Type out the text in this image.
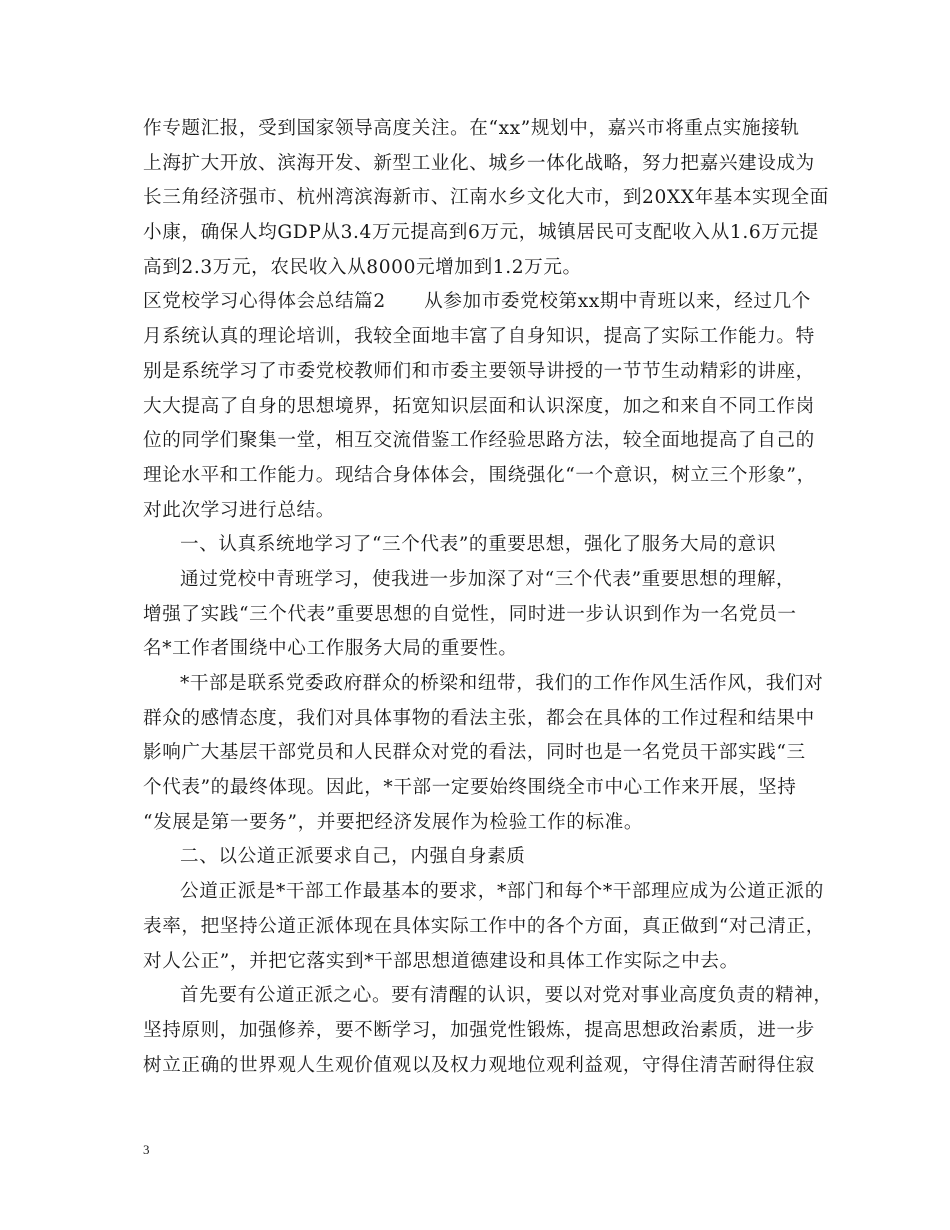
作专题汇报，受到国家领导高度关注。在“xx”规划中，嘉兴市将重点实施接轨
上海扩大开放、滨海开发、新型工业化、城乡一体化战略，努力把嘉兴建设成为
长三角经济强市、杭州湾滨海新市、江南水乡文化大市，到20XX年基本实现全面
小康，确保人均GDP从3.4万元提高到6万元，城镇居民可支配收入从1.6万元提
高到2.3万元，农民收入从8000元增加到1.2万元。
区党校学习心得体会总结篇2　　从参加市委党校第xx期中青班以来，经过几个
月系统认真的理论培训，我较全面地丰富了自身知识，提高了实际工作能力。特
别是系统学习了市委党校教师们和市委主要领导讲授的一节节生动精彩的讲座，
大大提高了自身的思想境界，拓宽知识层面和认识深度，加之和来自不同工作岗
位的同学们聚集一堂，相互交流借鉴工作经验思路方法，较全面地提高了自己的
理论水平和工作能力。现结合身体体会，围绕强化“一个意识，树立三个形象”，
对此次学习进行总结。
一、认真系统地学习了“三个代表”的重要思想，强化了服务大局的意识
通过党校中青班学习，使我进一步加深了对“三个代表”重要思想的理解，
增强了实践“三个代表”重要思想的自觉性，同时进一步认识到作为一名党员一
名*工作者围绕中心工作服务大局的重要性。
*干部是联系党委政府群众的桥梁和纽带，我们的工作作风生活作风，我们对
群众的感情态度，我们对具体事物的看法主张，都会在具体的工作过程和结果中
影响广大基层干部党员和人民群众对党的看法，同时也是一名党员干部实践“三
个代表”的最终体现。因此，*干部一定要始终围绕全市中心工作来开展，坚持
“发展是第一要务”，并要把经济发展作为检验工作的标准。
二、以公道正派要求自己，内强自身素质
公道正派是*干部工作最基本的要求，*部门和每个*干部理应成为公道正派的
表率，把坚持公道正派体现在具体实际工作中的各个方面，真正做到“对己清正，
对人公正”，并把它落实到*干部思想道德建设和具体工作实际之中去。
首先要有公道正派之心。要有清醒的认识，要以对党对事业高度负责的精神，
坚持原则，加强修养，要不断学习，加强党性锻炼，提高思想政治素质，进一步
树立正确的世界观人生观价值观以及权力观地位观利益观，守得住清苦耐得住寂
3
